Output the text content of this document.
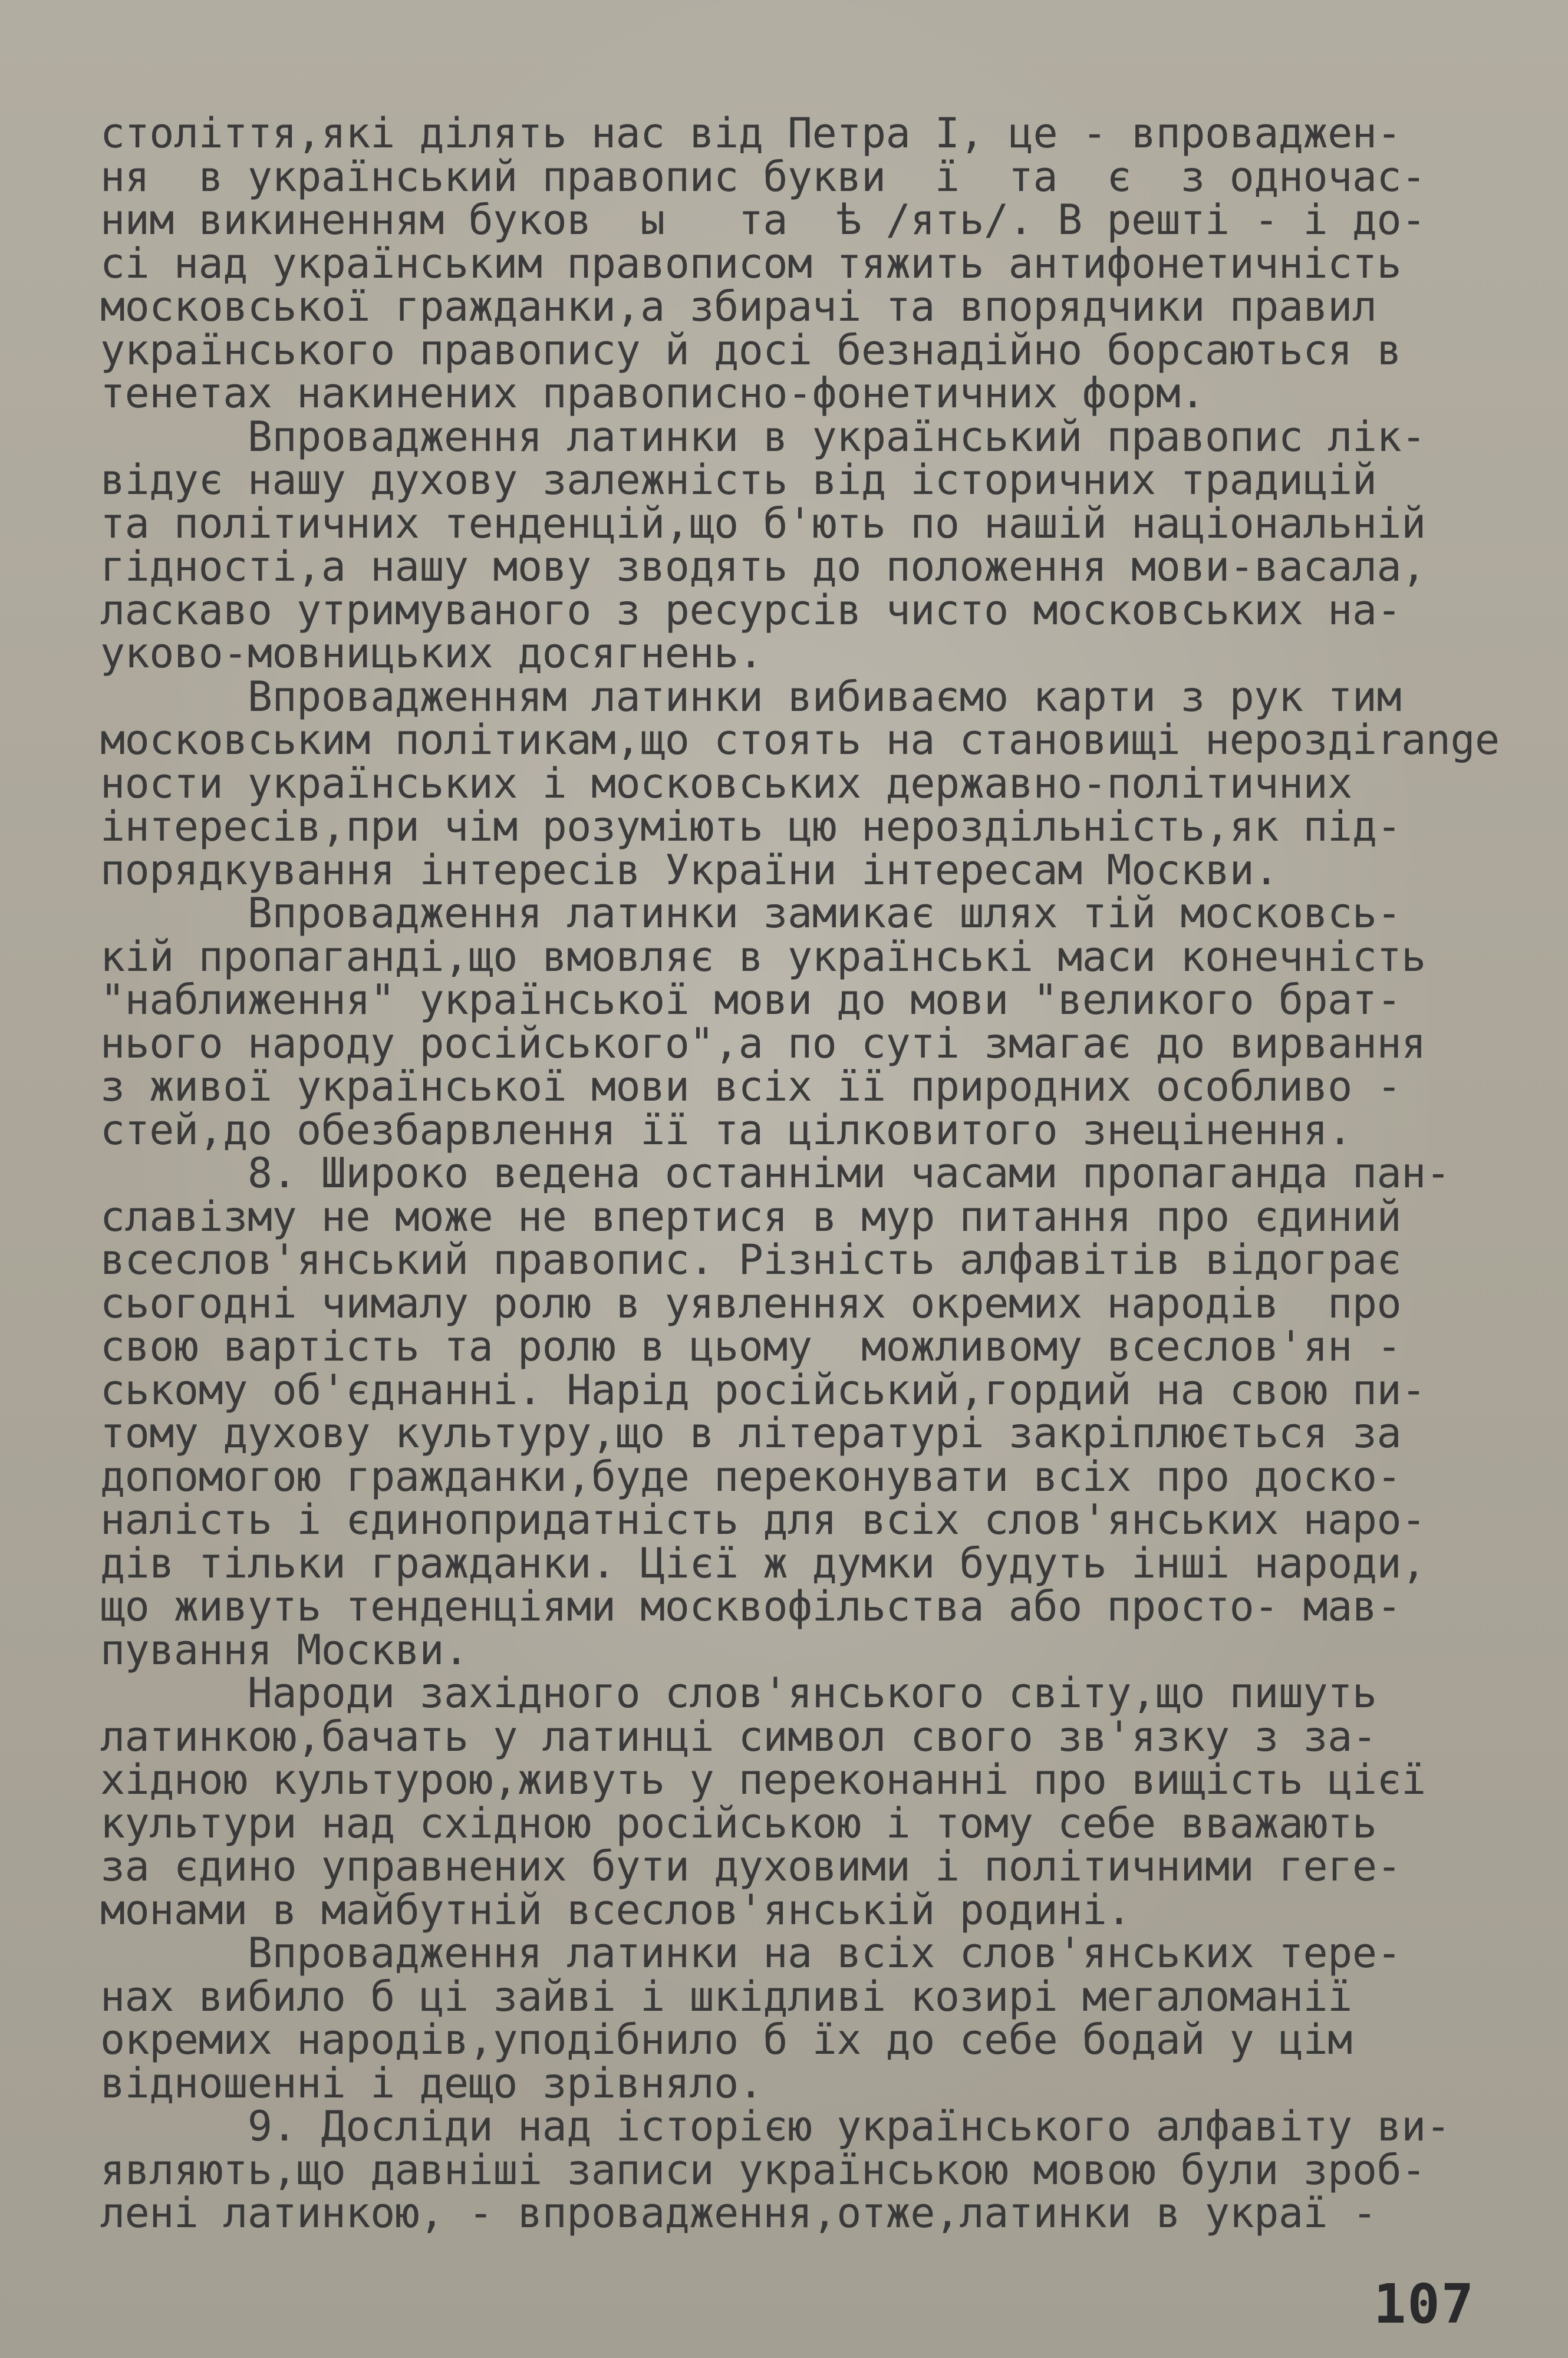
століття,які ділять нас від Петра I, це - впроваджен-
ня  в український правопис букви  ї  та  є  з одночас-
ним викиненням буков  ы   та  ѣ /ять/. В решті - і до-
сі над українським правописом тяжить антифонетичність
московської гражданки,а збирачі та впорядчики правил
українського правопису й досі безнадійно борсаються в
тенетах накинених правописно-фонетичних форм.
Впровадження латинки в український правопис лік-
відує нашу духову залежність від історичних традицій
та політичних тенденцій,що б'ють по нашій національній
гідності,а нашу мову зводять до положення мови-васала,
ласкаво утримуваного з ресурсів чисто московських на-
уково-мовницьких досягнень.
Впровадженням латинки вибиваємо карти з рук тим
московським політикам,що стоять на становищі нероздіrange
ности українських і московських державно-політичних
інтересів,при чім розуміють цю нероздільність,як під-
порядкування інтересів України інтересам Москви.
Впровадження латинки замикає шлях тій московсь-
кій пропаганді,що вмовляє в українські маси конечність
"наближення" української мови до мови "великого брат-
нього народу російського",а по суті змагає до вирвання
з живої української мови всіх її природних особливо -
стей,до обезбарвлення її та цілковитого знецінення.
8. Широко ведена останніми часами пропаганда пан-
славізму не може не впертися в мур питання про єдиний
всеслов'янський правопис. Різність алфавітів відограє
сьогодні чималу ролю в уявленнях окремих народів  про
свою вартість та ролю в цьому  можливому всеслов'ян -
ському об'єднанні. Нарід російський,гордий на свою пи-
тому духову культуру,що в літературі закріплюється за
допомогою гражданки,буде переконувати всіх про доско-
налість і єдинопридатність для всіх слов'янських наро-
дів тільки гражданки. Цієї ж думки будуть інші народи,
що живуть тенденціями москвофільства або просто- мав-
пування Москви.
Народи західного слов'янського світу,що пишуть
латинкою,бачать у латинці символ свого зв'язку з за-
хідною культурою,живуть у переконанні про вищість цієї
культури над східною російською і тому себе вважають
за єдино управнених бути духовими і політичними геге-
монами в майбутній всеслов'янській родині.
Впровадження латинки на всіх слов'янських тере-
нах вибило б ці зайві і шкідливі козирі мегаломанії
окремих народів,уподібнило б їх до себе бодай у цім
відношенні і дещо зрівняло.
9. Досліди над історією українського алфавіту ви-
являють,що давніші записи українською мовою були зроб-
лені латинкою, - впровадження,отже,латинки в украї -
107
